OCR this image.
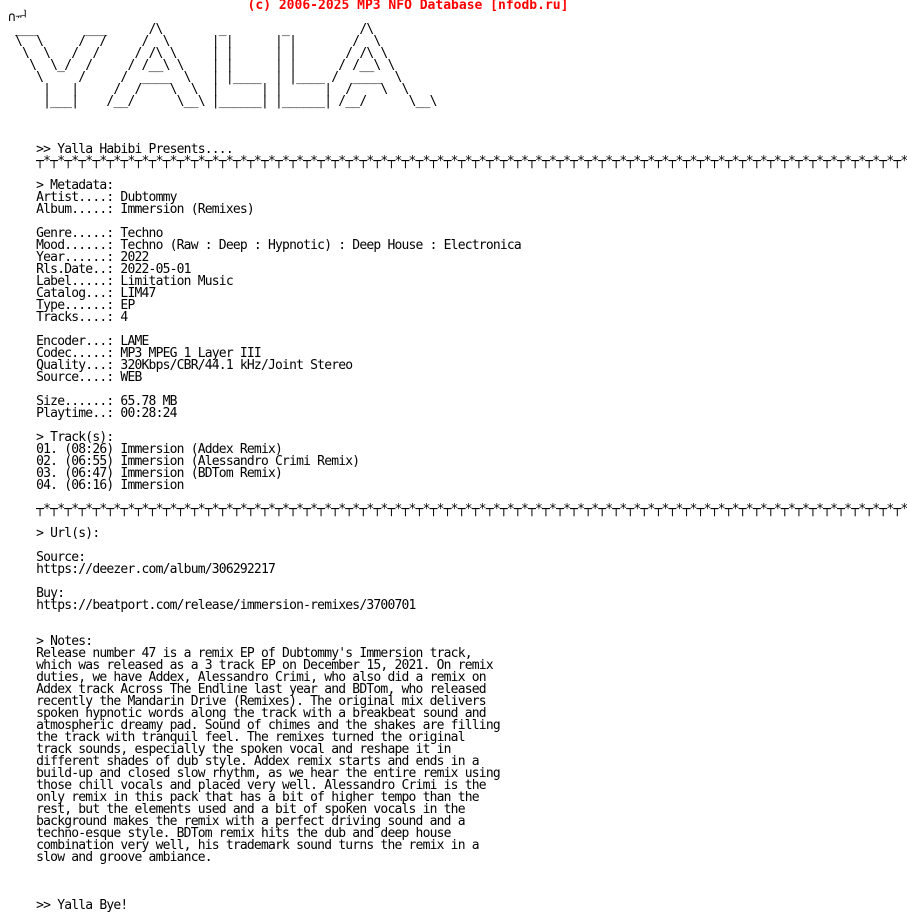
(c) 2006-2025 MP3 NFO Database [nfodb.ru]
∩ᆔ
___       ___      /\        _        _          /\
\  \     /  /     /  \      | |      | |        /  \
\  \   /  /     / /\ \     | |      | |       / /\ \
\  \_/  /     / /__\ \    | |      | |      / /__\ \
\     /     /  ____  \   | |____  | |____ /  ____  \
|   |     /  /    \  \  |      | |      |  /    \  \
|___|    /__/      \__\ |______| |______| /__/      \__\

>> Yalla Habibi Presents....
┬*┬*┬*┬*┬*┬*┬*┬*┬*┬*┬*┬*┬*┬*┬*┬*┬*┬*┬*┬*┬*┬*┬*┬*┬*┬*┬*┬*┬*┬*┬*┬*┬*┬*┬*┬*┬*┬*┬*┬*┬*┬*┬*┬*┬*┬*┬*┬*┬*┬*┬*┬*┬*┬*┬*┬*┬*┬*┬*┬*┬*┬*

> Metadata:
Artist....: Dubtommy
Album.....: Immersion (Remixes)

Genre.....: Techno
Mood......: Techno (Raw : Deep : Hypnotic) : Deep House : Electronica
Year......: 2022
Rls.Date..: 2022-05-01
Label.....: Limitation Music
Catalog...: LIM47
Type......: EP
Tracks....: 4

Encoder...: LAME
Codec.....: MP3 MPEG 1 Layer III
Quality...: 320Kbps/CBR/44.1 kHz/Joint Stereo
Source....: WEB

Size......: 65.78 MB
Playtime..: 00:28:24

> Track(s):
01. (08:26) Immersion (Addex Remix)
02. (06:55) Immersion (Alessandro Crimi Remix)
03. (06:47) Immersion (BDTom Remix)
04. (06:16) Immersion

┬*┬*┬*┬*┬*┬*┬*┬*┬*┬*┬*┬*┬*┬*┬*┬*┬*┬*┬*┬*┬*┬*┬*┬*┬*┬*┬*┬*┬*┬*┬*┬*┬*┬*┬*┬*┬*┬*┬*┬*┬*┬*┬*┬*┬*┬*┬*┬*┬*┬*┬*┬*┬*┬*┬*┬*┬*┬*┬*┬*┬*┬*

> Url(s):

Source:
https://deezer.com/album/306292217

Buy:
https://beatport.com/release/immersion-remixes/3700701

> Notes:
Release number 47 is a remix EP of Dubtommy's Immersion track,
which was released as a 3 track EP on December 15, 2021. On remix
duties, we have Addex, Alessandro Crimi, who also did a remix on
Addex track Across The Endline last year and BDTom, who released
recently the Mandarin Drive (Remixes). The original mix delivers
spoken hypnotic words along the track with a breakbeat sound and
atmospheric dreamy pad. Sound of chimes and the shakes are filling
the track with tranquil feel. The remixes turned the original
track sounds, especially the spoken vocal and reshape it in
different shades of dub style. Addex remix starts and ends in a
build-up and closed slow rhythm, as we hear the entire remix using
those chill vocals and placed very well. Alessandro Crimi is the
only remix in this pack that has a bit of higher tempo than the
rest, but the elements used and a bit of spoken vocals in the
background makes the remix with a perfect driving sound and a
techno-esque style. BDTom remix hits the dub and deep house
combination very well, his trademark sound turns the remix in a
slow and groove ambiance.

>> Yalla Bye!
